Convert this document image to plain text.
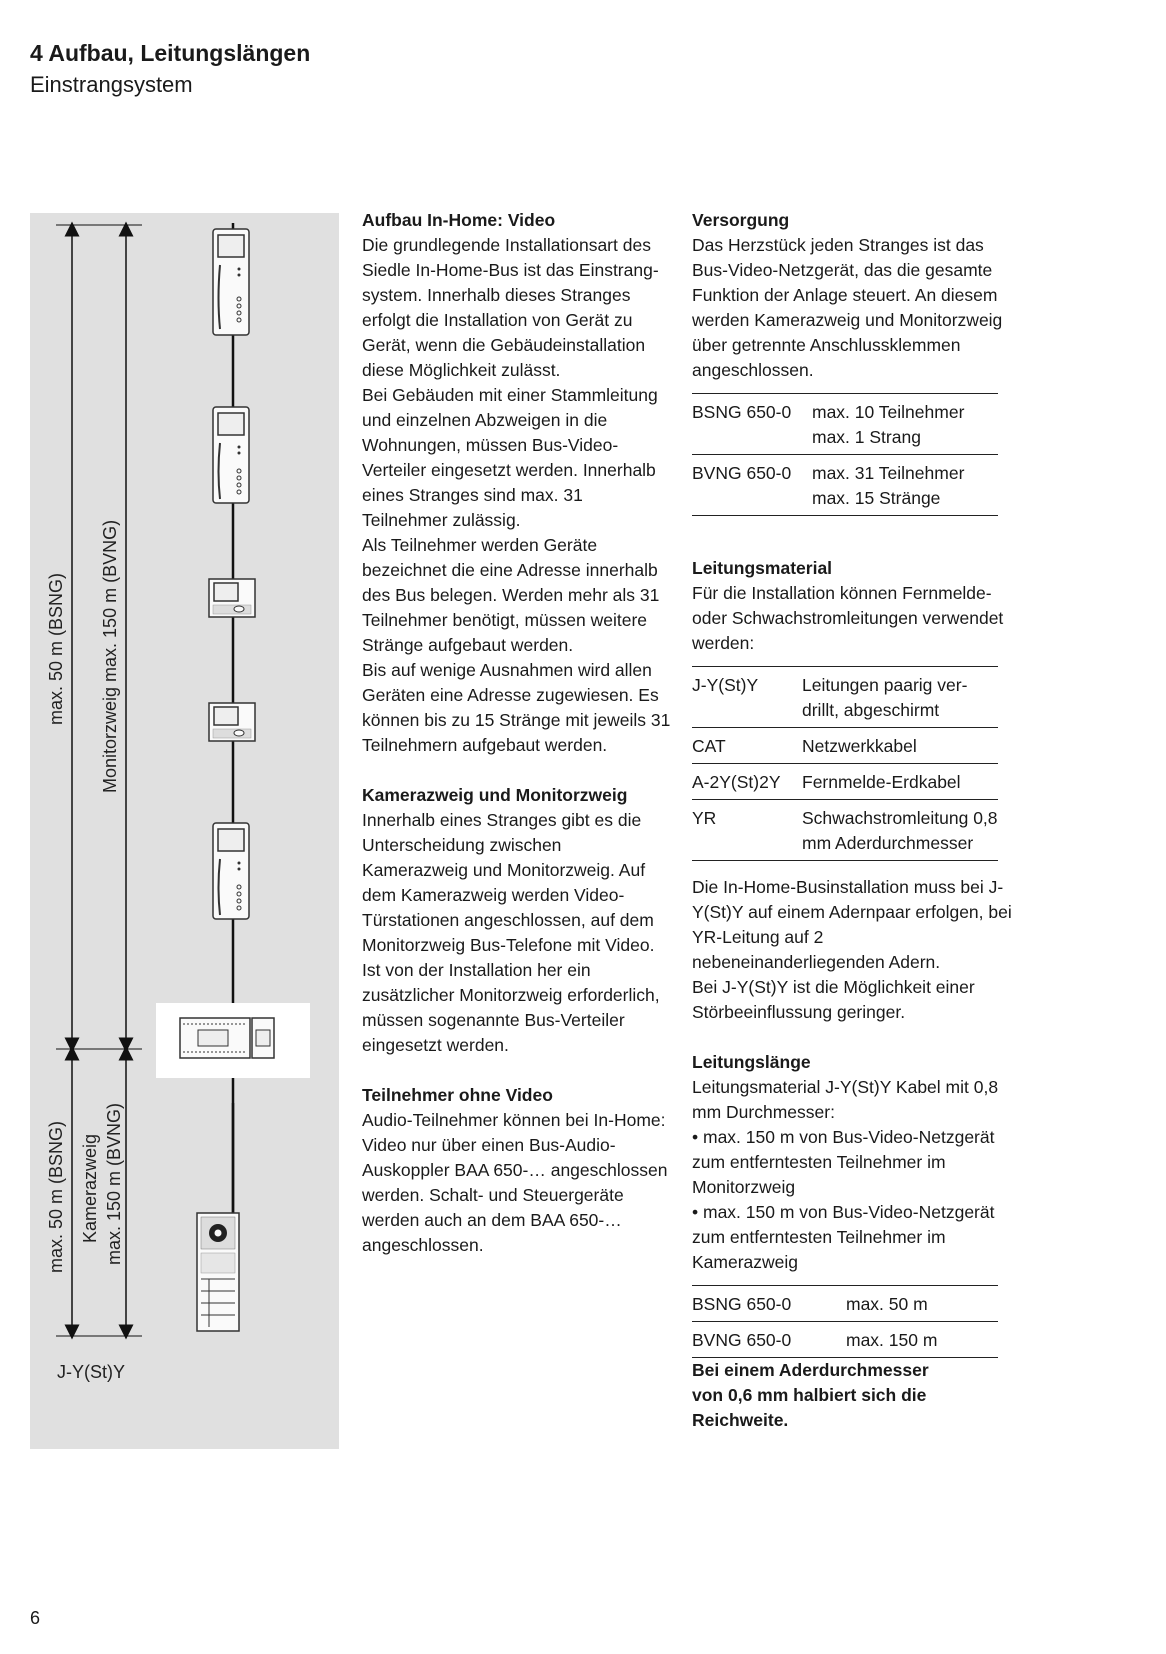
4 Aufbau, Leitungslängen
Einstrangsystem
max. 50 m (BSNG) Monitorzweig max. 150 m (BVNG)
max. 50 m (BSNG) Kamerazweig max. 150 m (BVNG)
J-Y(St)Y
Aufbau In-Home: Video

Die grundlegende Installationsart des Siedle In-Home-Bus ist das Einstrangsystem. Innerhalb dieses Stranges erfolgt die Installation von Gerät zu Gerät, wenn die Gebäudeinstallation diese Möglichkeit zulässt.

Bei Gebäuden mit einer Stammleitung und einzelnen Abzweigen in die Wohnungen, müssen Bus-Video-Verteiler eingesetzt werden. Innerhalb eines Stranges sind max. 31 Teilnehmer zulässig.

Als Teilnehmer werden Geräte bezeichnet die eine Adresse innerhalb des Bus belegen. Werden mehr als 31 Teilnehmer benötigt, müssen weitere Stränge aufgebaut werden.

Bis auf wenige Ausnahmen wird allen Geräten eine Adresse zugewiesen. Es können bis zu 15 Stränge mit jeweils 31 Teilnehmern aufgebaut werden.

Kamerazweig und Monitorzweig

Innerhalb eines Stranges gibt es die Unterscheidung zwischen Kamerazweig und Monitorzweig. Auf dem Kamerazweig werden Video-Türstationen angeschlossen, auf dem Monitorzweig Bus-Telefone mit Video. Ist von der Installation her ein zusätzlicher Monitorzweig erforderlich, müssen sogenannte Bus-Verteiler eingesetzt werden.

Teilnehmer ohne Video

Audio-Teilnehmer können bei In-Home: Video nur über einen Bus-Audio-Auskoppler BAA 650-… angeschlossen werden. Schalt- und Steuergeräte werden auch an dem BAA 650-… angeschlossen.

Versorgung

Das Herzstück jeden Stranges ist das Bus-Video-Netzgerät, das die gesamte Funktion der Anlage steuert. An diesem werden Kamerazweig und Monitorzweig über getrennte Anschlussklemmen angeschlossen.

BSNG 650-0	max. 10 Teilnehmer
max. 1 Strang

BVNG 650-0	max. 31 Teilnehmer
max. 15 Stränge
Leitungsmaterial

Für die Installation können Fernmelde- oder Schwachstromleitungen verwendet werden:

J-Y(St)Y	Leitungen paarig verdrillt, abgeschirmt
CAT	Netzwerkkabel
A-2Y(St)2Y	Fernmelde-Erdkabel
YR	Schwachstromleitung 0,8 mm Aderdurchmesser

Die In-Home-Businstallation muss bei J-Y(St)Y auf einem Adernpaar erfolgen, bei YR-Leitung auf 2 nebeneinanderliegenden Adern.

Bei J-Y(St)Y ist die Möglichkeit einer Störbeeinflussung geringer.

Leitungslänge

Leitungsmaterial J-Y(St)Y Kabel mit 0,8 mm Durchmesser:

• max. 150 m von Bus-Video-Netzgerät zum entferntesten Teilnehmer im Monitorzweig

• max. 150 m von Bus-Video-Netzgerät zum entferntesten Teilnehmer im Kamerazweig

BSNG 650-0	max. 50 m
BVNG 650-0	max. 150 m

Bei einem Aderdurchmesser von 0,6 mm halbiert sich die Reichweite.

6
